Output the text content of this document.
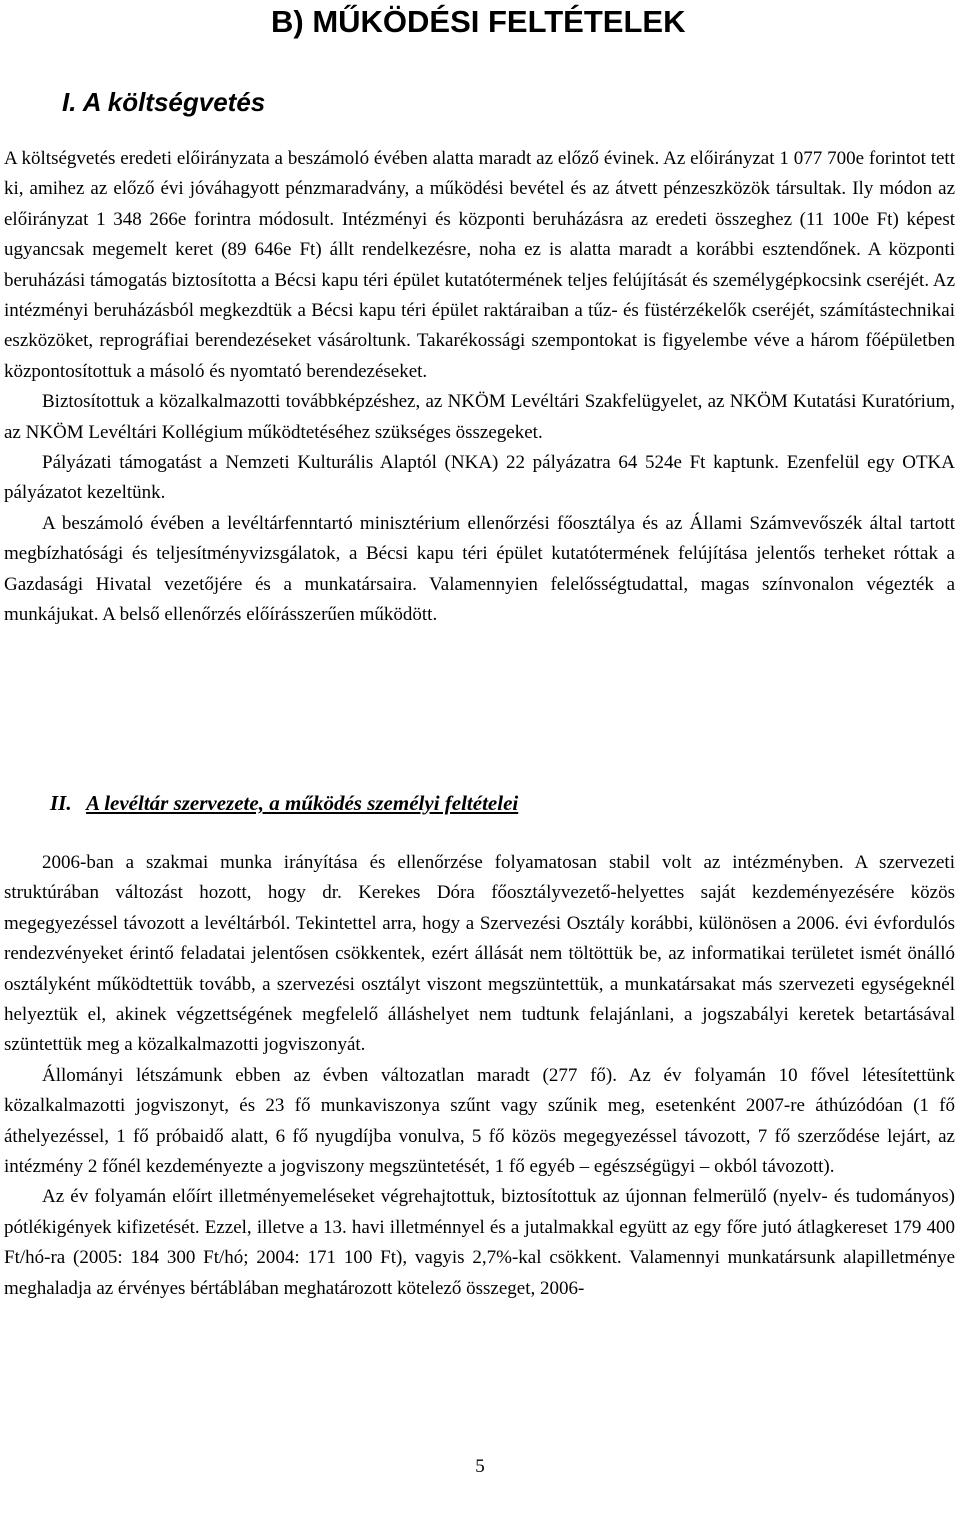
B) MŰKÖDÉSI FELTÉTELEK
I. A költségvetés

A költségvetés eredeti előirányzata a beszámoló évében alatta maradt az előző évinek. Az előirányzat 1 077 700e forintot tett ki, amihez az előző évi jóváhagyott pénzmaradvány, a működési bevétel és az átvett pénzeszközök társultak. Ily módon az előirányzat 1 348 266e forintra módosult. Intézményi és központi beruházásra az eredeti összeghez (11 100e Ft) képest ugyancsak megemelt keret (89 646e Ft) állt rendelkezésre, noha ez is alatta maradt a korábbi esztendőnek. A központi beruházási támogatás biztosította a Bécsi kapu téri épület kutatótermének teljes felújítását és személygépkocsink cseréjét. Az intézményi beruházásból megkezdtük a Bécsi kapu téri épület raktáraiban a tűz- és füstérzékelők cseréjét, számítástechnikai eszközöket, reprográfiai berendezéseket vásároltunk. Takarékossági szempontokat is figyelembe véve a három főépületben központosítottuk a másoló és nyomtató berendezéseket.

Biztosítottuk a közalkalmazotti továbbképzéshez, az NKÖM Levéltári Szakfelügyelet, az NKÖM Kutatási Kuratórium, az NKÖM Levéltári Kollégium működtetéséhez szükséges összegeket.

Pályázati támogatást a Nemzeti Kulturális Alaptól (NKA) 22 pályázatra 64 524e Ft kaptunk. Ezenfelül egy OTKA pályázatot kezeltünk.

A beszámoló évében a levéltárfenntartó minisztérium ellenőrzési főosztálya és az Állami Számvevőszék által tartott megbízhatósági és teljesítményvizsgálatok, a Bécsi kapu téri épület kutatótermének felújítása jelentős terheket róttak a Gazdasági Hivatal vezetőjére és a munkatársaira. Valamennyien felelősségtudattal, magas színvonalon végezték a munkájukat. A belső ellenőrzés előírásszerűen működött.

II. A levéltár szervezete, a működés személyi feltételei

2006-ban a szakmai munka irányítása és ellenőrzése folyamatosan stabil volt az intézményben. A szervezeti struktúrában változást hozott, hogy dr. Kerekes Dóra főosztályvezető-helyettes saját kezdeményezésére közös megegyezéssel távozott a levéltárból. Tekintettel arra, hogy a Szervezési Osztály korábbi, különösen a 2006. évi évfordulós rendezvényeket érintő feladatai jelentősen csökkentek, ezért állását nem töltöttük be, az informatikai területet ismét önálló osztályként működtettük tovább, a szervezési osztályt viszont megszüntettük, a munkatársakat más szervezeti egységeknél helyeztük el, akinek végzettségének megfelelő álláshelyet nem tudtunk felajánlani, a jogszabályi keretek betartásával szüntettük meg a közalkalmazotti jogviszonyát.

Állományi létszámunk ebben az évben változatlan maradt (277 fő). Az év folyamán 10 fővel létesítettünk közalkalmazotti jogviszonyt, és 23 fő munkaviszonya szűnt vagy szűnik meg, esetenként 2007-re áthúzódóan (1 fő áthelyezéssel, 1 fő próbaidő alatt, 6 fő nyugdíjba vonulva, 5 fő közös megegyezéssel távozott, 7 fő szerződése lejárt, az intézmény 2 főnél kezdeményezte a jogviszony megszüntetését, 1 fő egyéb – egészségügyi – okból távozott).

Az év folyamán előírt illetményemeléseket végrehajtottuk, biztosítottuk az újonnan felmerülő (nyelv- és tudományos) pótlékigények kifizetését. Ezzel, illetve a 13. havi illetménnyel és a jutalmakkal együtt az egy főre jutó átlagkereset 179 400 Ft/hó-ra (2005: 184 300 Ft/hó; 2004: 171 100 Ft), vagyis 2,7%-kal csökkent. Valamennyi munkatársunk alapilletménye meghaladja az érvényes bértáblában meghatározott kötelező összeget, 2006-

5
